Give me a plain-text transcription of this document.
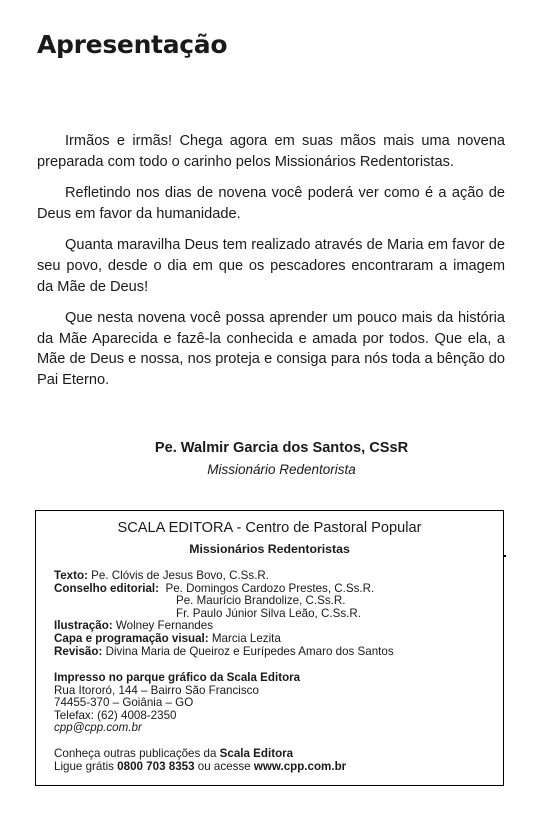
Apresentação

Irmãos e irmãs! Chega agora em suas mãos mais uma novena preparada com todo o carinho pelos Missionários Redentoristas.

Refletindo nos dias de novena você poderá ver como é a ação de Deus em favor da humanidade.

Quanta maravilha Deus tem realizado através de Maria em favor de seu povo, desde o dia em que os pescadores encontraram a imagem da Mãe de Deus!

Que nesta novena você possa aprender um pouco mais da história da Mãe Aparecida e fazê-la conhecida e amada por todos. Que ela, a Mãe de Deus e nossa, nos proteja e consiga para nós toda a bênção do Pai Eterno.

Pe. Walmir Garcia dos Santos, CSsR
Missionário Redentorista
SCALA EDITORA - Centro de Pastoral Popular
Missionários Redentoristas
Texto: Pe. Clóvis de Jesus Bovo, C.Ss.R.
Conselho editorial: Pe. Domingos Cardozo Prestes, C.Ss.R.
Pe. Maurício Brandolize, C.Ss.R.
Fr. Paulo Júnior Silva Leão, C.Ss.R.
Ilustração: Wolney Fernandes
Capa e programação visual: Marcia Lezita
Revisão: Divina Maria de Queiroz e Eurípedes Amaro dos Santos
Impresso no parque gráfico da Scala Editora
Rua Itororó, 144 – Bairro São Francisco
74455-370 – Goiânia – GO
Telefax: (62) 4008-2350
cpp@cpp.com.br
Conheça outras publicações da Scala Editora
Ligue grátis 0800 703 8353 ou acesse www.cpp.com.br
